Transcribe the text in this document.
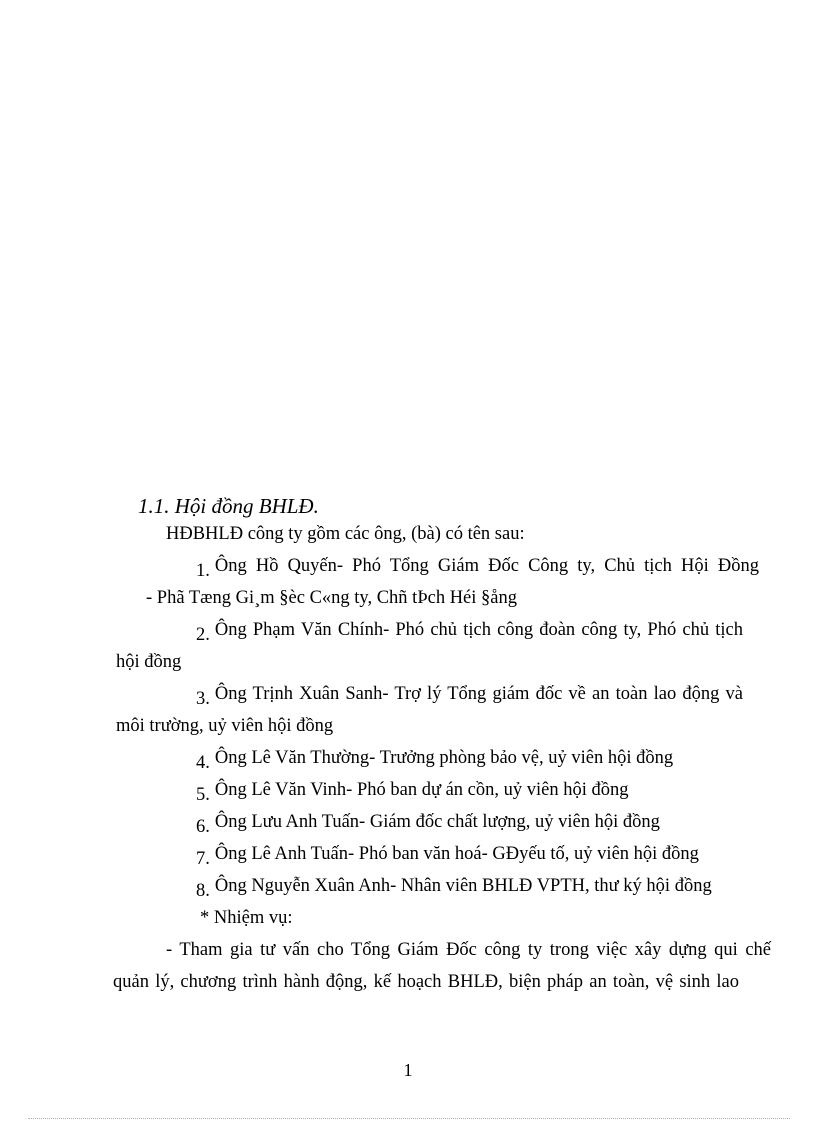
1.1. Hội đồng BHLĐ.
HĐBHLĐ công ty gồm các ông, (bà) có tên sau:
1. Ông Hồ Quyến- Phó Tổng Giám Đốc Công ty, Chủ tịch Hội Đồng
- Phã Tæng Gi¸m §èc C«ng ty, Chñ tÞch Héi §ång
2. Ông Phạm Văn Chính- Phó chủ tịch công đoàn công ty, Phó chủ tịch
hội đồng
3. Ông Trịnh Xuân Sanh- Trợ lý Tổng giám đốc về an toàn lao động và
môi trường, uỷ viên hội đồng
4. Ông Lê Văn Thường- Trưởng phòng bảo vệ, uỷ viên hội đồng
5. Ông Lê Văn Vinh- Phó ban dự án cồn, uỷ viên hội đồng
6. Ông Lưu Anh Tuấn- Giám đốc chất lượng, uỷ viên hội đồng
7. Ông Lê Anh Tuấn- Phó ban văn hoá- GĐyếu tố, uỷ viên hội đồng
8. Ông Nguyễn Xuân Anh- Nhân viên BHLĐ VPTH, thư ký hội đồng
* Nhiệm vụ:
- Tham gia tư vấn cho Tổng Giám Đốc công ty trong việc xây dựng qui chế
quản lý, chương trình hành động, kế hoạch BHLĐ, biện pháp an toàn, vệ sinh lao
1
